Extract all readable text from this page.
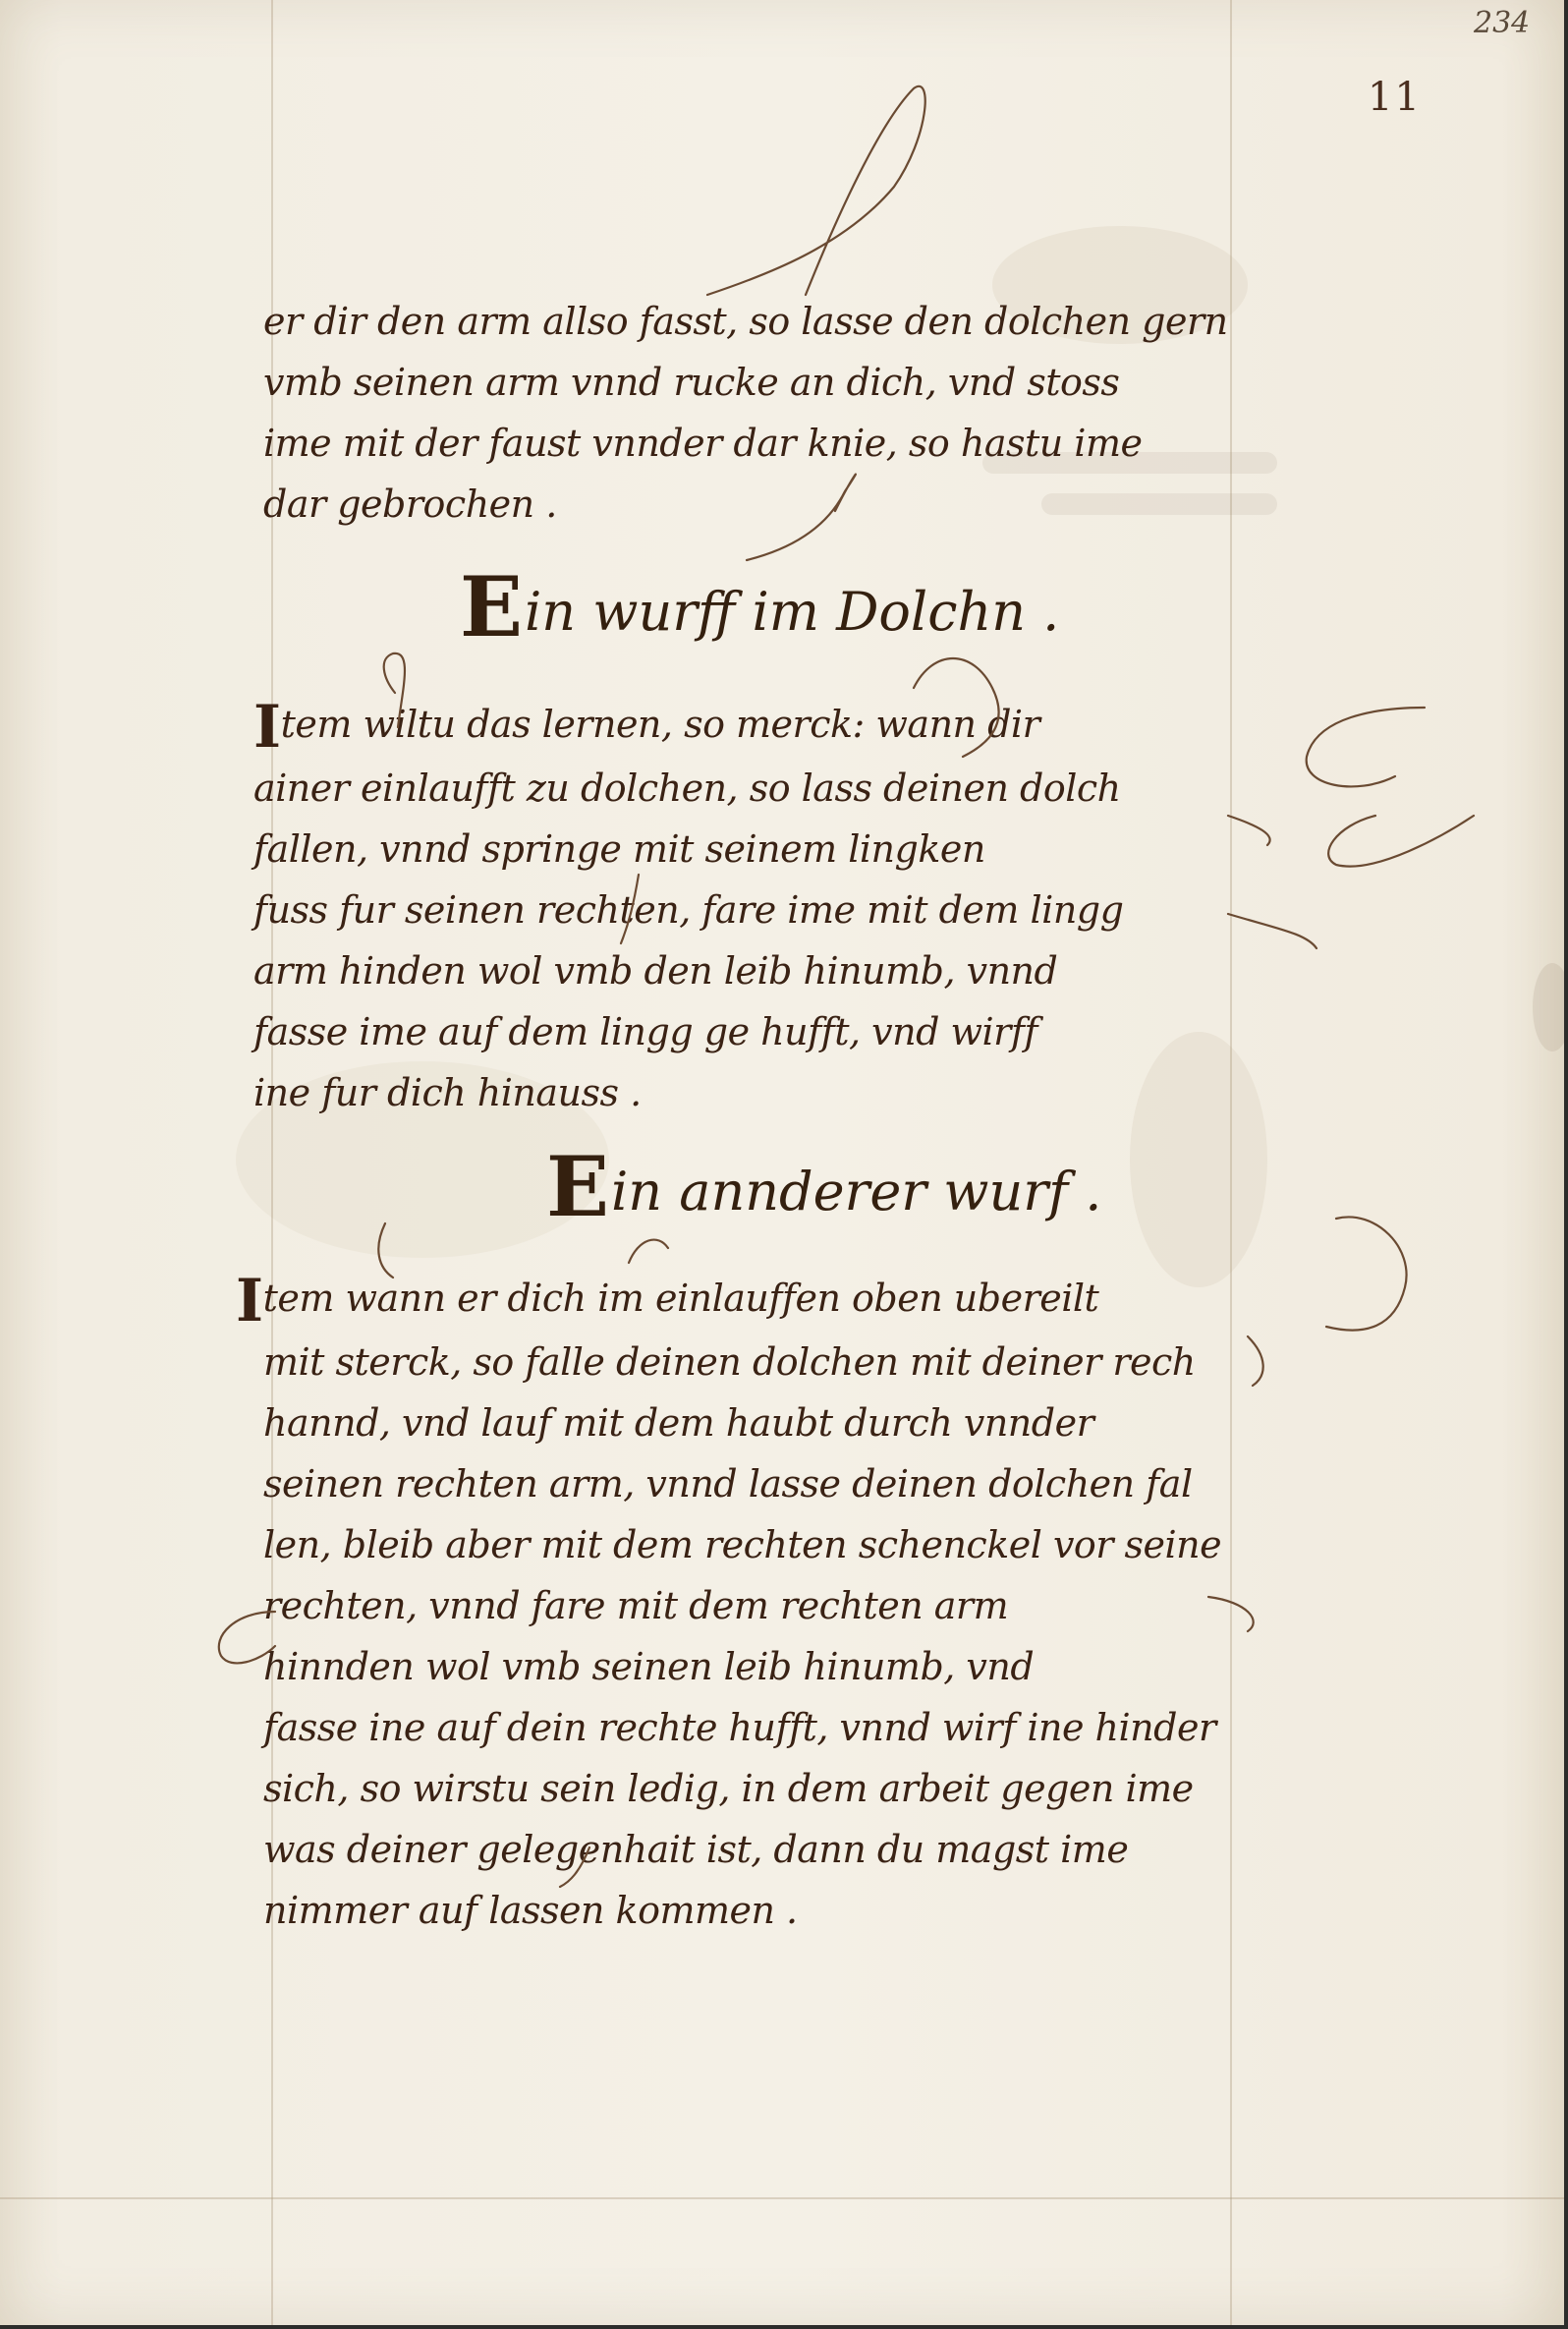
234
11
er dir den arm allso fasst, so lasse den dolchen gern
vmb seinen arm vnnd rucke an dich, vnd stoss
ime mit der faust vnnder dar knie, so hastu ime
dar gebrochen .
Ein wurff im Dolchn .
Item wiltu das lernen, so merck: wann dir
ainer einlaufft zu dolchen, so lass deinen dolch
fallen, vnnd springe mit seinem lingken
fuss fur seinen rechten, fare ime mit dem lingg
arm hinden wol vmb den leib hinumb, vnnd
fasse ime auf dem lingg ge hufft, vnd wirff
ine fur dich hinauss .
Ein annderer wurf .
Item wann er dich im einlauffen oben ubereilt
mit sterck, so falle deinen dolchen mit deiner rech
hannd, vnd lauf mit dem haubt durch vnnder
seinen rechten arm, vnnd lasse deinen dolchen fal
len, bleib aber mit dem rechten schenckel vor seine
rechten, vnnd fare mit dem rechten arm
hinnden wol vmb seinen leib hinumb, vnd
fasse ine auf dein rechte hufft, vnnd wirf ine hinder
sich, so wirstu sein ledig, in dem arbeit gegen ime
was deiner gelegenhait ist, dann du magst ime
nimmer auf lassen kommen .
